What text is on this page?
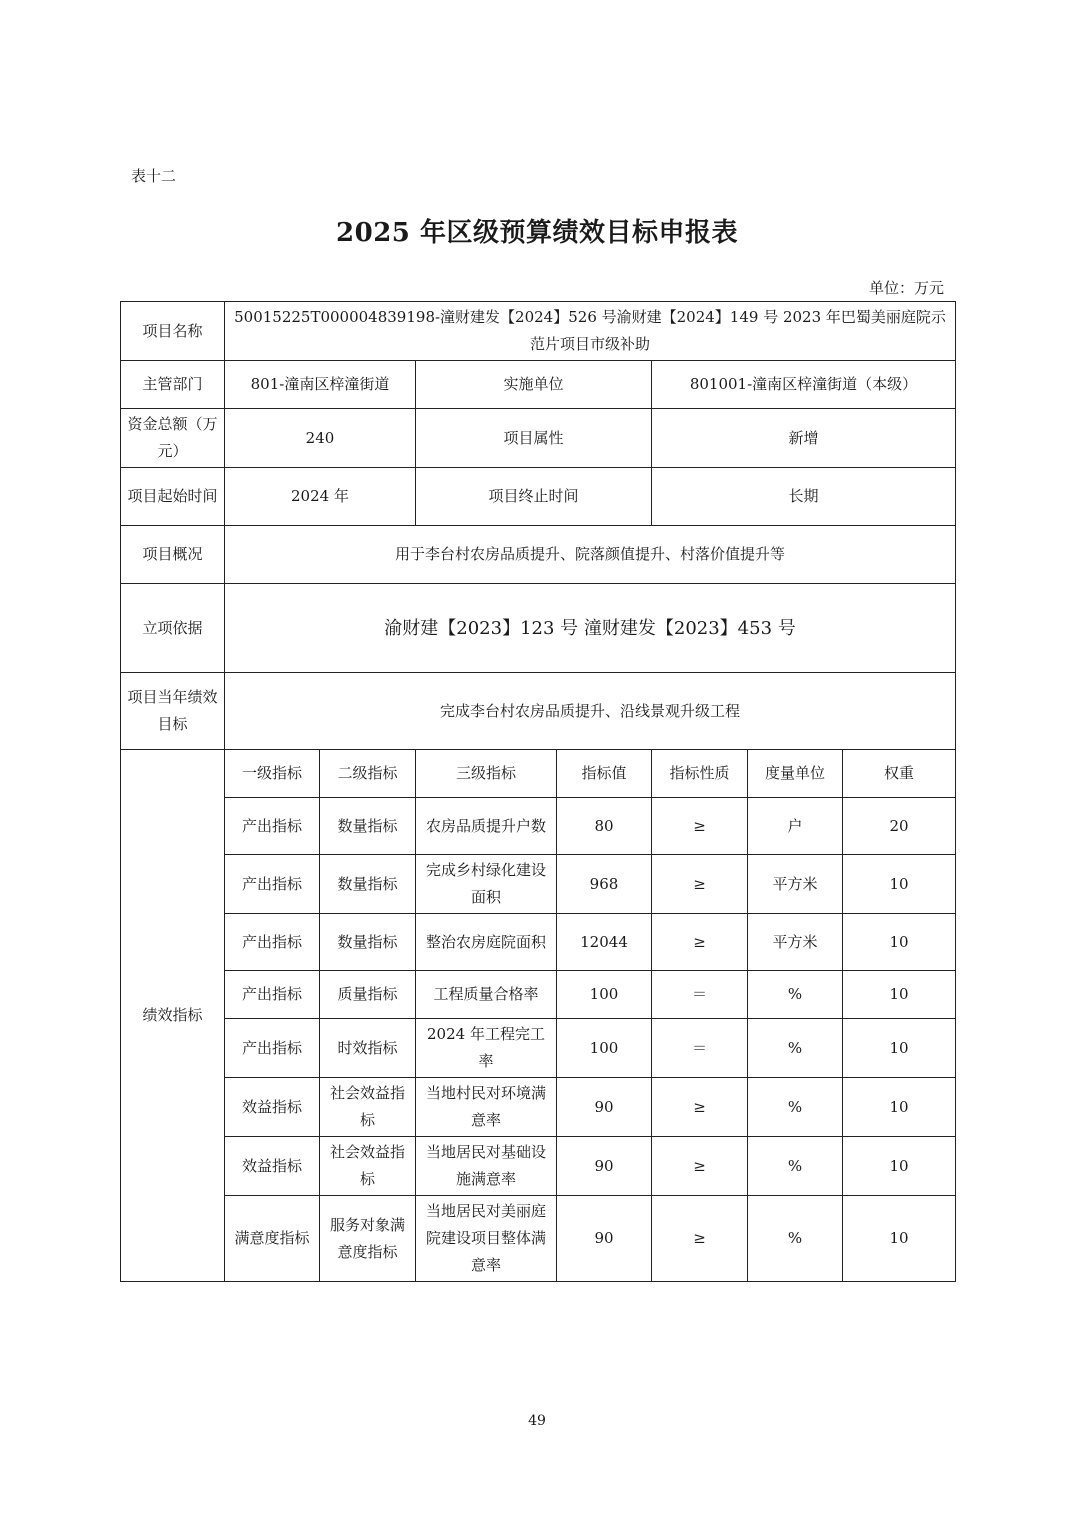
表十二
2025 年区级预算绩效目标申报表
单位：万元
项目名称	50015225T000004839198-潼财建发【2024】526 号渝财建【2024】149 号 2023 年巴蜀美丽庭院示范片项目市级补助						
主管部门	801-潼南区梓潼街道		实施单位		801001-潼南区梓潼街道（本级）		
资金总额（万元）	240		项目属性		新增		
项目起始时间	2024 年		项目终止时间		长期		
项目概况	用于李台村农房品质提升、院落颜值提升、村落价值提升等						
立项依据	渝财建【2023】123 号 潼财建发【2023】453 号						
项目当年绩效目标	完成李台村农房品质提升、沿线景观升级工程						
绩效指标	一级指标	二级指标	三级指标	指标值	指标性质	度量单位	权重
	产出指标	数量指标	农房品质提升户数	80	≥	户	20
	产出指标	数量指标	完成乡村绿化建设面积	968	≥	平方米	10
	产出指标	数量指标	整治农房庭院面积	12044	≥	平方米	10
	产出指标	质量指标	工程质量合格率	100	＝	%	10
	产出指标	时效指标	2024 年工程完工率	100	＝	%	10
	效益指标	社会效益指标	当地村民对环境满意率	90	≥	%	10
	效益指标	社会效益指标	当地居民对基础设施满意率	90	≥	%	10
	满意度指标	服务对象满意度指标	当地居民对美丽庭院建设项目整体满意率	90	≥	%	10
49
